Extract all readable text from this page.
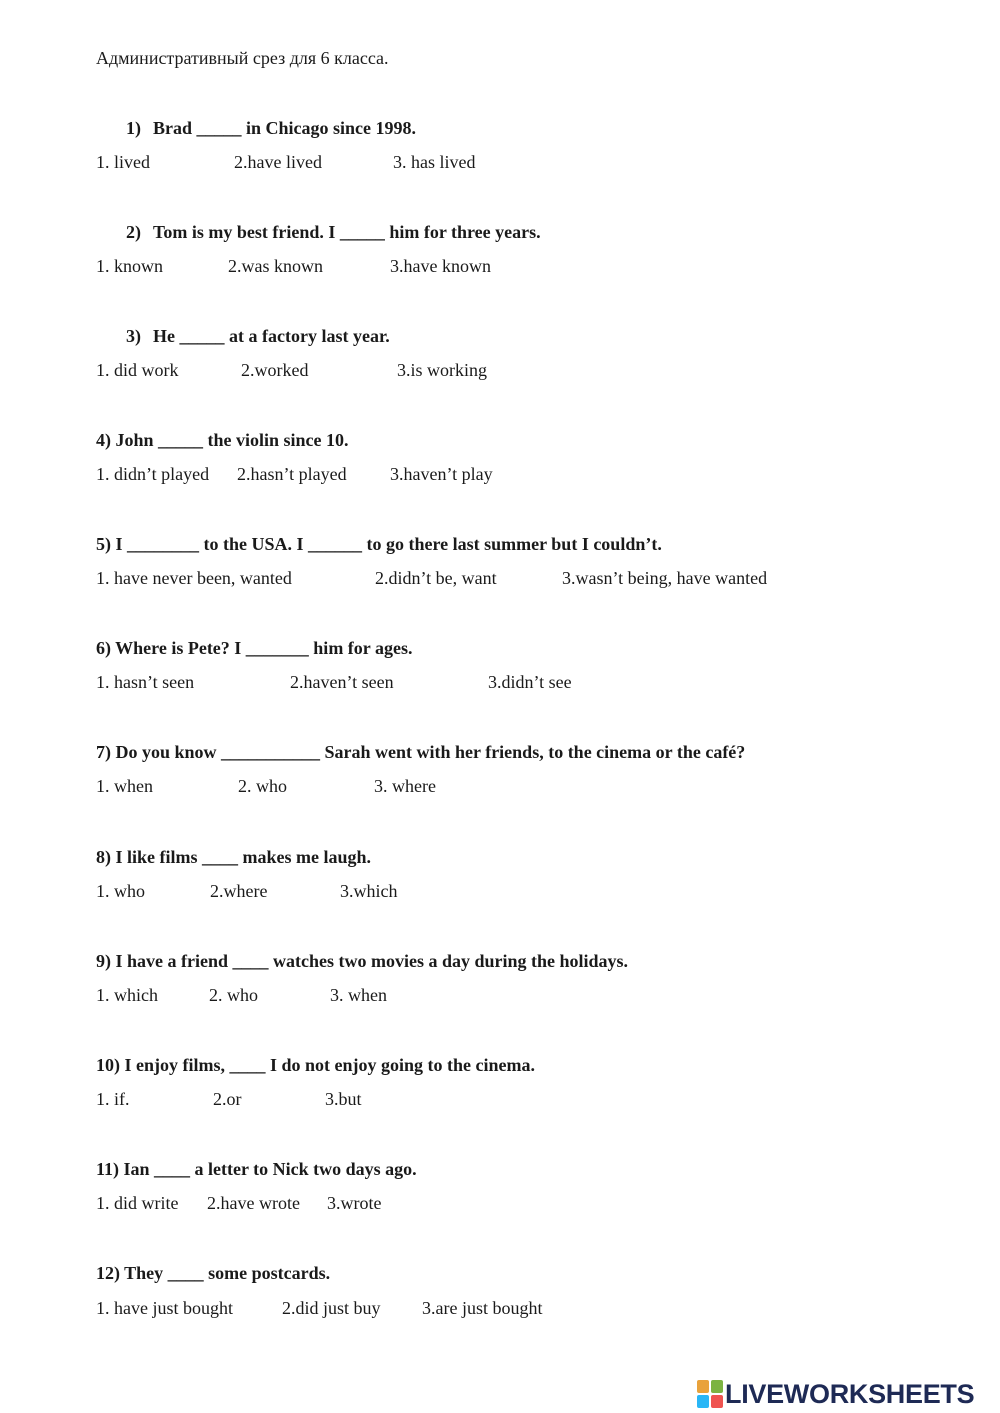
Административный срез для 6 класса.
1) Brad _____ in Chicago since 1998.
1. lived	2.have lived	3. has lived
2) Tom is my best friend. I _____ him for three years.
1. known	2.was known	3.have known
3) He _____ at a factory last year.
1. did work	2.worked	3.is working
4) John _____ the violin since 10.
1. didn’t played 2.hasn’t played 3.haven’t play
5) I ________ to the USA. I ______ to go there last summer but I couldn’t.
1. have never been, wanted	2.didn’t be, want	3.wasn’t being, have wanted
6) Where is Pete? I _______ him for ages.
1. hasn’t seen	2.haven’t seen	3.didn’t see
7) Do you know ___________ Sarah went with her friends, to the cinema or the café?
1. when	2. who	3. where
8) I like films ____ makes me laugh.
1. who	2.where	3.which
9) I have a friend ____ watches two movies a day during the holidays.
1. which	2. who	3. when
10) I enjoy films, ____ I do not enjoy going to the cinema.
1. if.	2.or	3.but
11) Ian ____ a letter to Nick two days ago.
1. did write 2.have wrote 3.wrote
12) They ____ some postcards.
1. have just bought	2.did just buy 3.are just bought
LIVEWORKSHEETS
